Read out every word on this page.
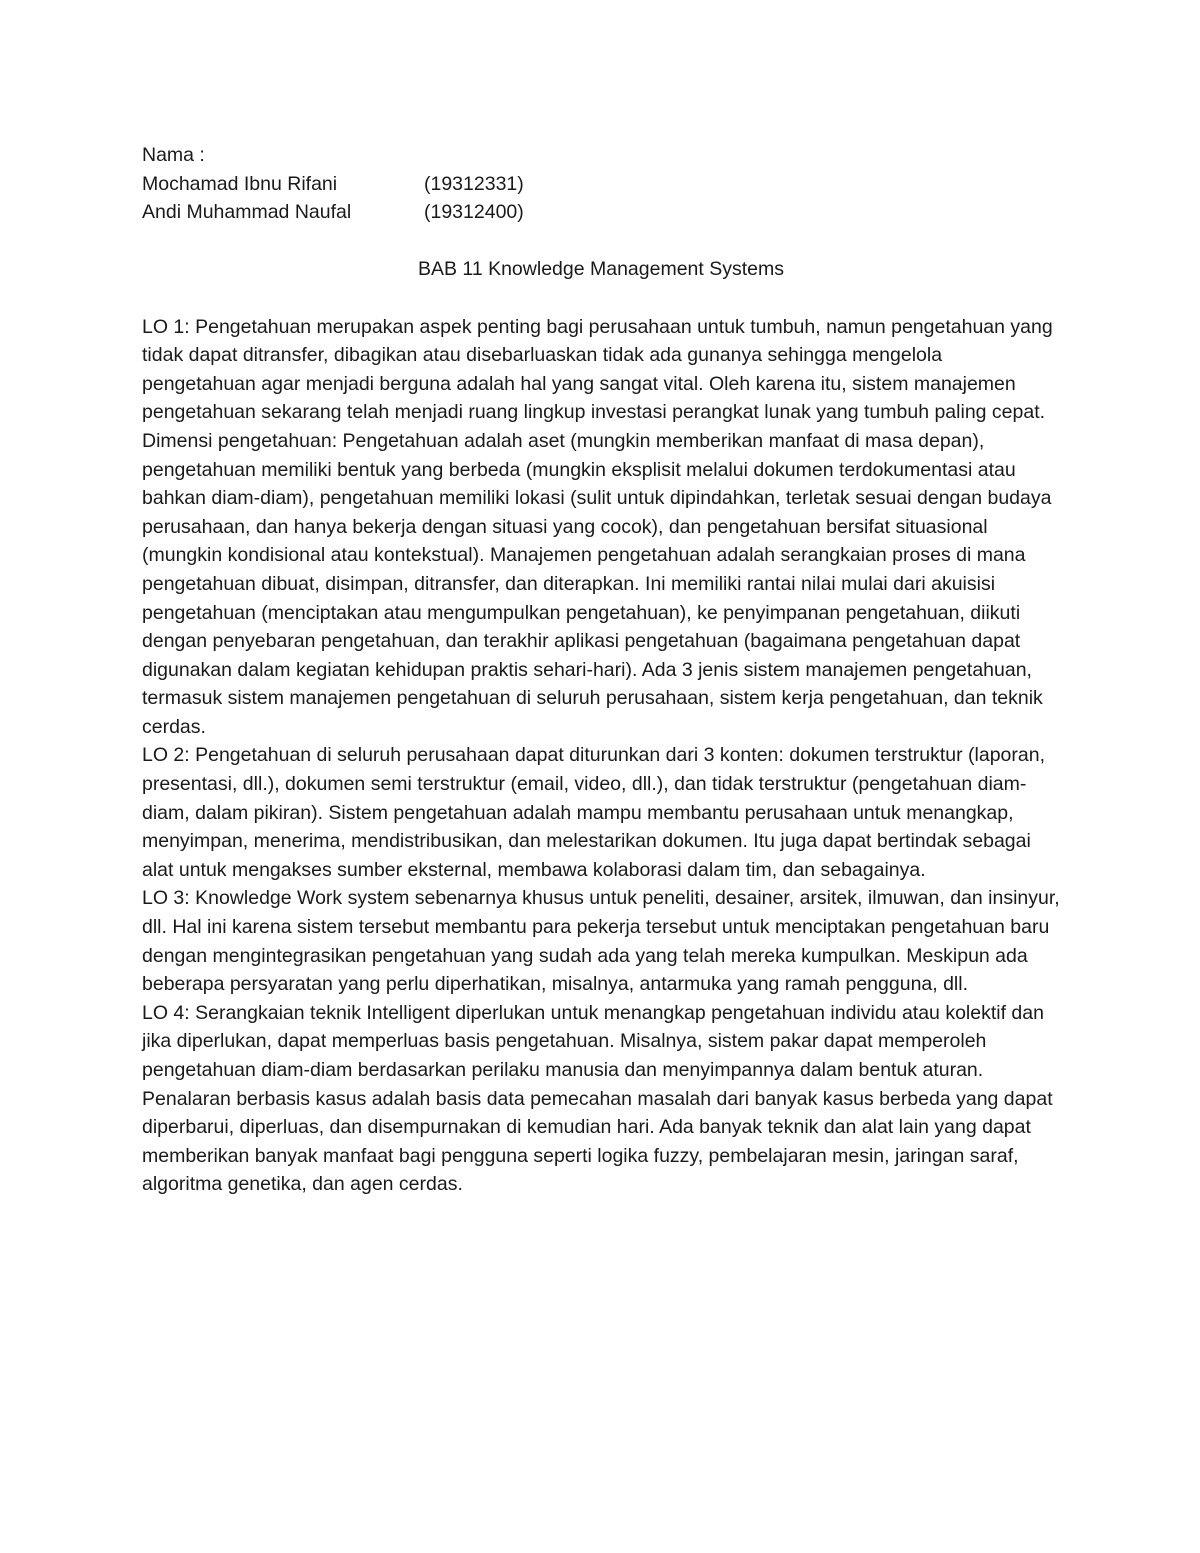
Nama :
Mochamad Ibnu Rifani	(19312331)
Andi Muhammad Naufal	(19312400)
BAB 11 Knowledge Management Systems

LO 1: Pengetahuan merupakan aspek penting bagi perusahaan untuk tumbuh, namun pengetahuan yang tidak dapat ditransfer, dibagikan atau disebarluaskan tidak ada gunanya sehingga mengelola pengetahuan agar menjadi berguna adalah hal yang sangat vital. Oleh karena itu, sistem manajemen pengetahuan sekarang telah menjadi ruang lingkup investasi perangkat lunak yang tumbuh paling cepat. Dimensi pengetahuan: Pengetahuan adalah aset (mungkin memberikan manfaat di masa depan), pengetahuan memiliki bentuk yang berbeda (mungkin eksplisit melalui dokumen terdokumentasi atau bahkan diam-diam), pengetahuan memiliki lokasi (sulit untuk dipindahkan, terletak sesuai dengan budaya perusahaan, dan hanya bekerja dengan situasi yang cocok), dan pengetahuan bersifat situasional (mungkin kondisional atau kontekstual). Manajemen pengetahuan adalah serangkaian proses di mana pengetahuan dibuat, disimpan, ditransfer, dan diterapkan. Ini memiliki rantai nilai mulai dari akuisisi pengetahuan (menciptakan atau mengumpulkan pengetahuan), ke penyimpanan pengetahuan, diikuti dengan penyebaran pengetahuan, dan terakhir aplikasi pengetahuan (bagaimana pengetahuan dapat digunakan dalam kegiatan kehidupan praktis sehari-hari). Ada 3 jenis sistem manajemen pengetahuan, termasuk sistem manajemen pengetahuan di seluruh perusahaan, sistem kerja pengetahuan, dan teknik cerdas.

LO 2: Pengetahuan di seluruh perusahaan dapat diturunkan dari 3 konten: dokumen terstruktur (laporan, presentasi, dll.), dokumen semi terstruktur (email, video, dll.), dan tidak terstruktur (pengetahuan diam-diam, dalam pikiran). Sistem pengetahuan adalah mampu membantu perusahaan untuk menangkap, menyimpan, menerima, mendistribusikan, dan melestarikan dokumen. Itu juga dapat bertindak sebagai alat untuk mengakses sumber eksternal, membawa kolaborasi dalam tim, dan sebagainya.

LO 3: Knowledge Work system sebenarnya khusus untuk peneliti, desainer, arsitek, ilmuwan, dan insinyur, dll. Hal ini karena sistem tersebut membantu para pekerja tersebut untuk menciptakan pengetahuan baru dengan mengintegrasikan pengetahuan yang sudah ada yang telah mereka kumpulkan. Meskipun ada beberapa persyaratan yang perlu diperhatikan, misalnya, antarmuka yang ramah pengguna, dll.

LO 4: Serangkaian teknik Intelligent diperlukan untuk menangkap pengetahuan individu atau kolektif dan jika diperlukan, dapat memperluas basis pengetahuan. Misalnya, sistem pakar dapat memperoleh pengetahuan diam-diam berdasarkan perilaku manusia dan menyimpannya dalam bentuk aturan. Penalaran berbasis kasus adalah basis data pemecahan masalah dari banyak kasus berbeda yang dapat diperbarui, diperluas, dan disempurnakan di kemudian hari. Ada banyak teknik dan alat lain yang dapat memberikan banyak manfaat bagi pengguna seperti logika fuzzy, pembelajaran mesin, jaringan saraf, algoritma genetika, dan agen cerdas.
